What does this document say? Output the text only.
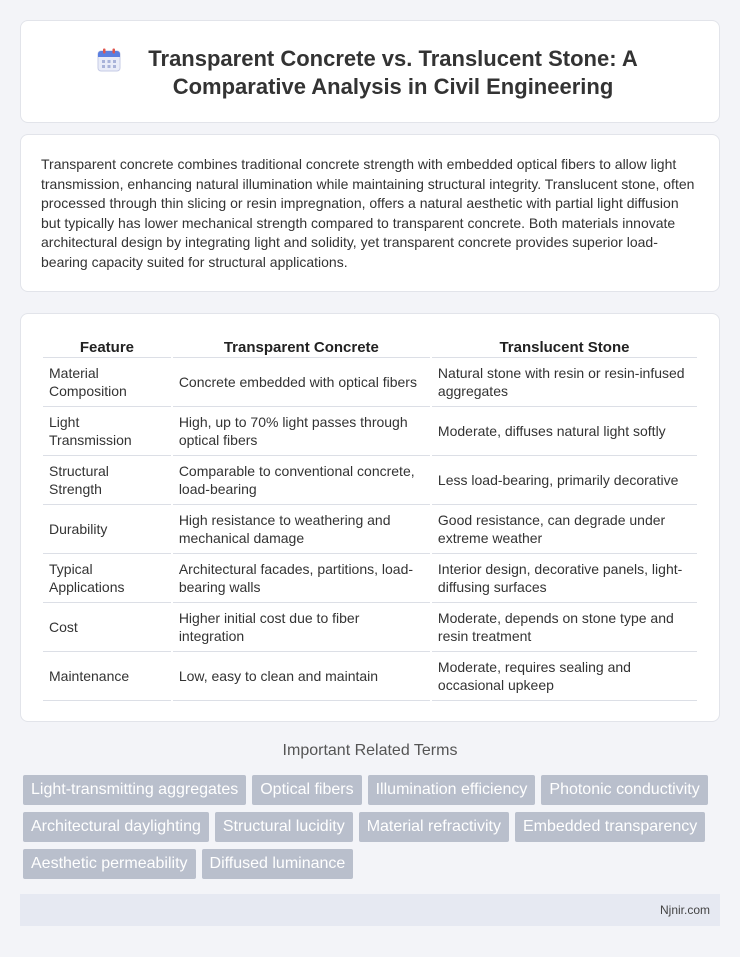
Transparent Concrete vs. Translucent Stone: A Comparative Analysis in Civil Engineering

Transparent concrete combines traditional concrete strength with embedded optical fibers to allow light transmission, enhancing natural illumination while maintaining structural integrity. Translucent stone, often processed through thin slicing or resin impregnation, offers a natural aesthetic with partial light diffusion but typically has lower mechanical strength compared to transparent concrete. Both materials innovate architectural design by integrating light and solidity, yet transparent concrete provides superior load-bearing capacity suited for structural applications.

Feature	Transparent Concrete	Translucent Stone
Material Composition	Concrete embedded with optical fibers	Natural stone with resin or resin-infused aggregates
Light Transmission	High, up to 70% light passes through optical fibers	Moderate, diffuses natural light softly
Structural Strength	Comparable to conventional concrete, load-bearing	Less load-bearing, primarily decorative
Durability	High resistance to weathering and mechanical damage	Good resistance, can degrade under extreme weather
Typical Applications	Architectural facades, partitions, load-bearing walls	Interior design, decorative panels, light-diffusing surfaces
Cost	Higher initial cost due to fiber integration	Moderate, depends on stone type and resin treatment
Maintenance	Low, easy to clean and maintain	Moderate, requires sealing and occasional upkeep
Important Related Terms
Light-transmitting aggregates	Optical fibers	Illumination efficiency	Photonic conductivity
Architectural daylighting	Structural lucidity	Material refractivity	Embedded transparency
Aesthetic permeability	Diffused luminance
Njnir.com
